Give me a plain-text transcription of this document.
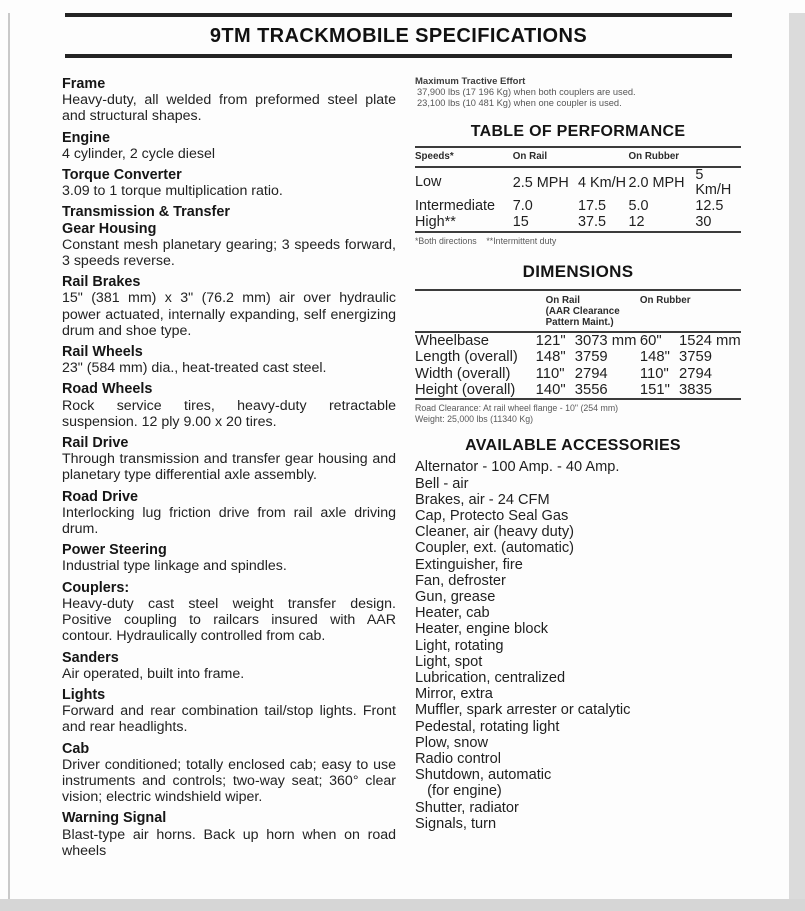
9TM TRACKMOBILE SPECIFICATIONS
Frame

Heavy-duty, all welded from preformed steel plate and structural shapes.

Engine

4 cylinder, 2 cycle diesel

Torque Converter

3.09 to 1 torque multiplication ratio.

Transmission & Transfer
Gear Housing

Constant mesh planetary gearing; 3 speeds forward, 3 speeds reverse.

Rail Brakes

15" (381 mm) x 3" (76.2 mm) air over hydraulic power actuated, internally expanding, self energizing drum and shoe type.

Rail Wheels

23" (584 mm) dia., heat-treated cast steel.

Road Wheels

Rock service tires, heavy-duty retractable suspension. 12 ply 9.00 x 20 tires.

Rail Drive

Through transmission and transfer gear housing and planetary type differential axle assembly.

Road Drive

Interlocking lug friction drive from rail axle driving drum.

Power Steering

Industrial type linkage and spindles.

Couplers:

Heavy-duty cast steel weight transfer design. Positive coupling to railcars insured with AAR contour. Hydraulically controlled from cab.

Sanders

Air operated, built into frame.

Lights

Forward and rear combination tail/stop lights. Front and rear headlights.

Cab

Driver conditioned; totally enclosed cab; easy to use instruments and controls; two-way seat; 360° clear vision; electric windshield wiper.

Warning Signal

Blast-type air horns. Back up horn when on road wheels

Maximum Tractive Effort
37,900 lbs (17 196 Kg) when both couplers are used.
23,100 lbs (10 481 Kg) when one coupler is used.
TABLE OF PERFORMANCE
Speeds*	On Rail		On Rubber	
Low	2.5 MPH	4 Km/H	2.0 MPH	5 Km/H
Intermediate	7.0	17.5	5.0	12.5
High**	15	37.5	12	30
*Both directions    **Intermittent duty
DIMENSIONS

	On Rail
(AAR Clearance Pattern Maint.)		On Rubber	
Wheelbase	121"	3073 mm	60"	1524 mm
Length (overall)	148"	3759	148"	3759
Width (overall)	110"	2794	110"	2794
Height (overall)	140"	3556	151"	3835
Road Clearance: At rail wheel flange - 10" (254 mm)
Weight: 25,000 lbs (11340 Kg)
AVAILABLE ACCESSORIES
Alternator - 100 Amp. - 40 Amp.
Bell - air
Brakes, air - 24 CFM
Cap, Protecto Seal Gas
Cleaner, air (heavy duty)
Coupler, ext. (automatic)
Extinguisher, fire
Fan, defroster
Gun, grease
Heater, cab
Heater, engine block
Light, rotating
Light, spot
Lubrication, centralized
Mirror, extra
Muffler, spark arrester or catalytic
Pedestal, rotating light
Plow, snow
Radio control
Shutdown, automatic
(for engine)
Shutter, radiator
Signals, turn
